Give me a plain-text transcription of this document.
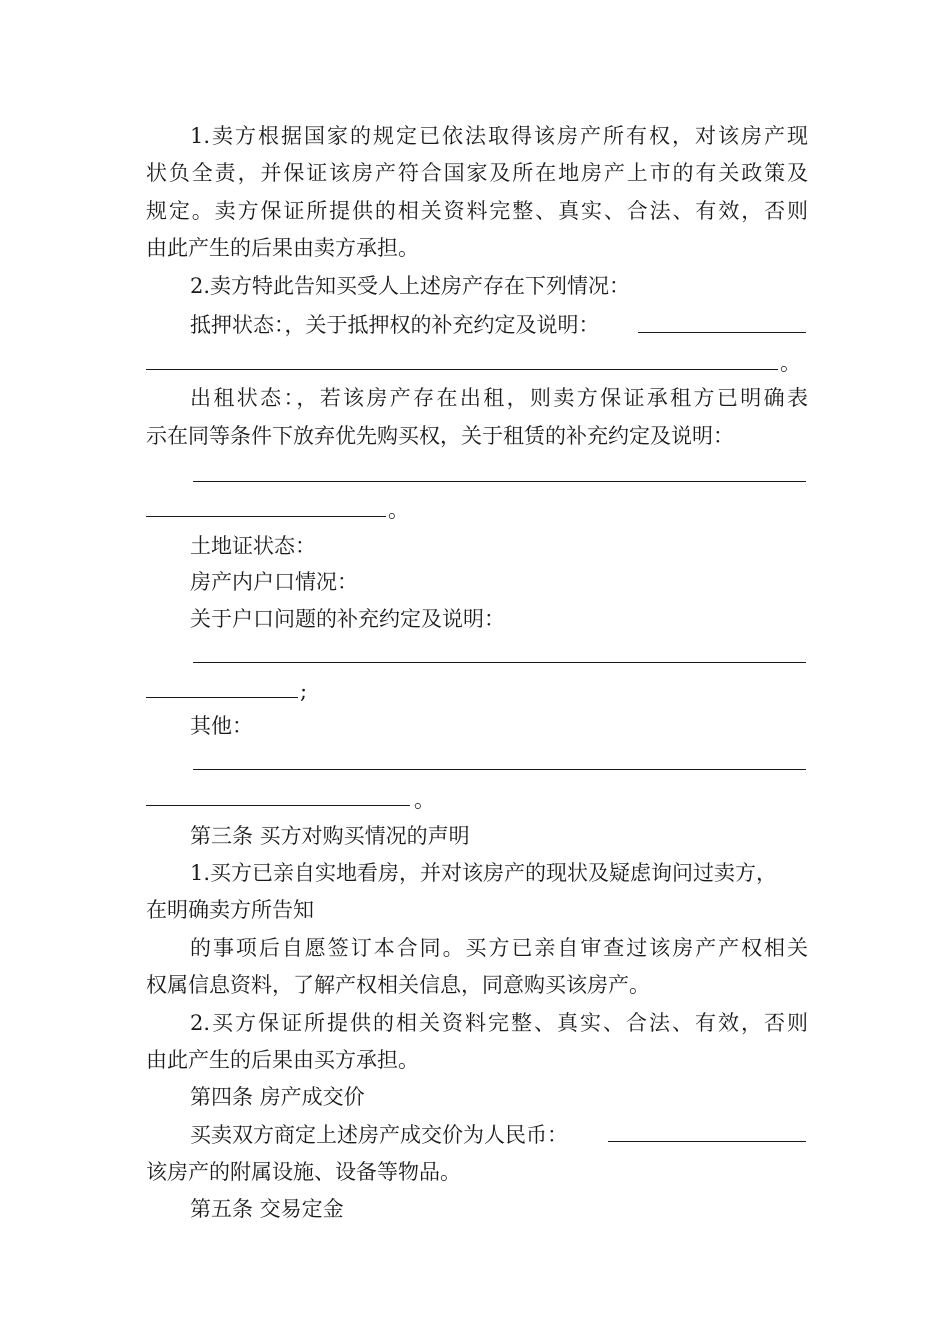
1.卖方根据国家的规定已依法取得该房产所有权，对该房产现
状负全责，并保证该房产符合国家及所在地房产上市的有关政策及
规定。卖方保证所提供的相关资料完整、真实、合法、有效，否则
由此产生的后果由卖方承担。
2.卖方特此告知买受人上述房产存在下列情况：
抵押状态：，关于抵押权的补充约定及说明：
。
出租状态：，若该房产存在出租，则卖方保证承租方已明确表
示在同等条件下放弃优先购买权，关于租赁的补充约定及说明：
。
土地证状态：
房产内户口情况：
关于户口问题的补充约定及说明：
;
其他：
。
第三条 买方对购买情况的声明
1.买方已亲自实地看房，并对该房产的现状及疑虑询问过卖方，
在明确卖方所告知
的事项后自愿签订本合同。买方已亲自审查过该房产产权相关
权属信息资料，了解产权相关信息，同意购买该房产。
2.买方保证所提供的相关资料完整、真实、合法、有效，否则
由此产生的后果由买方承担。
第四条 房产成交价
买卖双方商定上述房产成交价为人民币：
该房产的附属设施、设备等物品。
第五条 交易定金
